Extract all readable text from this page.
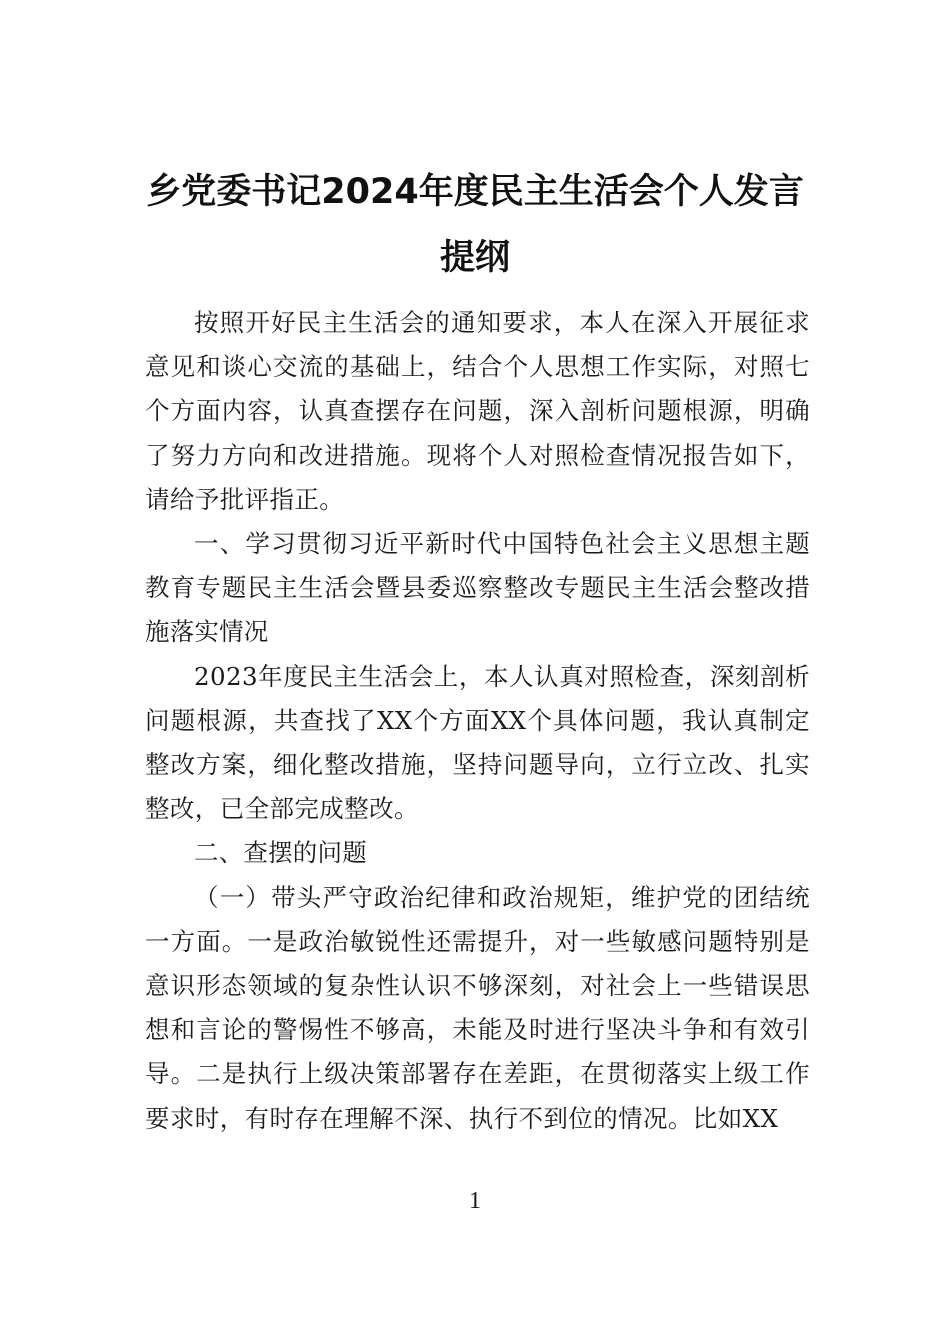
乡党委书记2024年度民主生活会个人发言
提纲

按照开好民主生活会的通知要求，本人在深入开展征求意见和谈心交流的基础上，结合个人思想工作实际，对照七个方面内容，认真查摆存在问题，深入剖析问题根源，明确了努力方向和改进措施。现将个人对照检查情况报告如下，请给予批评指正。

一、学习贯彻习近平新时代中国特色社会主义思想主题教育专题民主生活会暨县委巡察整改专题民主生活会整改措施落实情况

2023年度民主生活会上，本人认真对照检查，深刻剖析问题根源，共查找了XX个方面XX个具体问题，我认真制定整改方案，细化整改措施，坚持问题导向，立行立改、扎实整改，已全部完成整改。

二、查摆的问题

（一）带头严守政治纪律和政治规矩，维护党的团结统一方面。一是政治敏锐性还需提升，对一些敏感问题特别是意识形态领域的复杂性认识不够深刻，对社会上一些错误思想和言论的警惕性不够高，未能及时进行坚决斗争和有效引导。二是执行上级决策部署存在差距，在贯彻落实上级工作要求时，有时存在理解不深、执行不到位的情况。比如XX

1
